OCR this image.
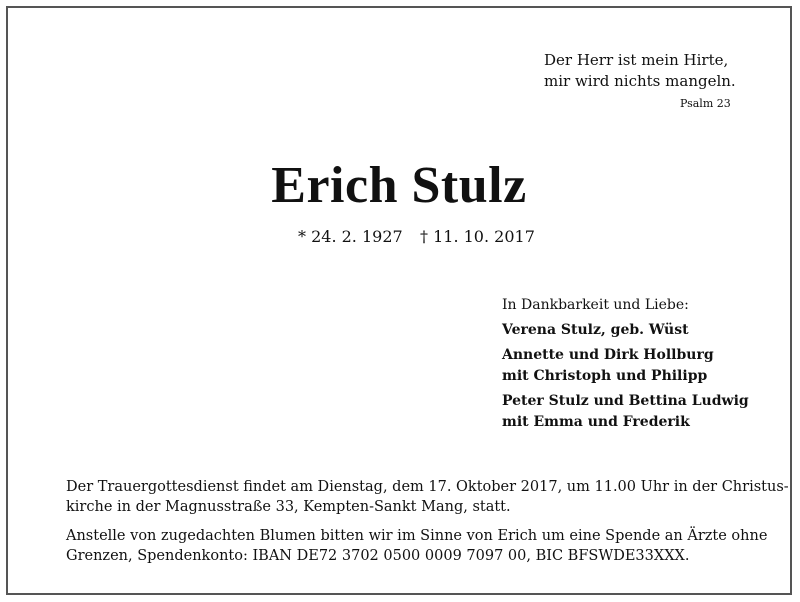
Der Herr ist mein Hirte,
mir wird nichts mangeln.
Psalm 23
Erich Stulz
* 24. 2. 1927 † 11. 10. 2017
In Dankbarkeit und Liebe:
Verena Stulz, geb. Wüst
Annette und Dirk Hollburg
mit Christoph und Philipp
Peter Stulz und Bettina Ludwig
mit Emma und Frederik
Der Trauergottesdienst findet am Dienstag, dem 17. Oktober 2017, um 11.00 Uhr in der Christus-
kirche in der Magnusstraße 33, Kempten-Sankt Mang, statt.
Anstelle von zugedachten Blumen bitten wir im Sinne von Erich um eine Spende an Ärzte ohne
Grenzen, Spendenkonto: IBAN DE72 3702 0500 0009 7097 00, BIC BFSWDE33XXX.
